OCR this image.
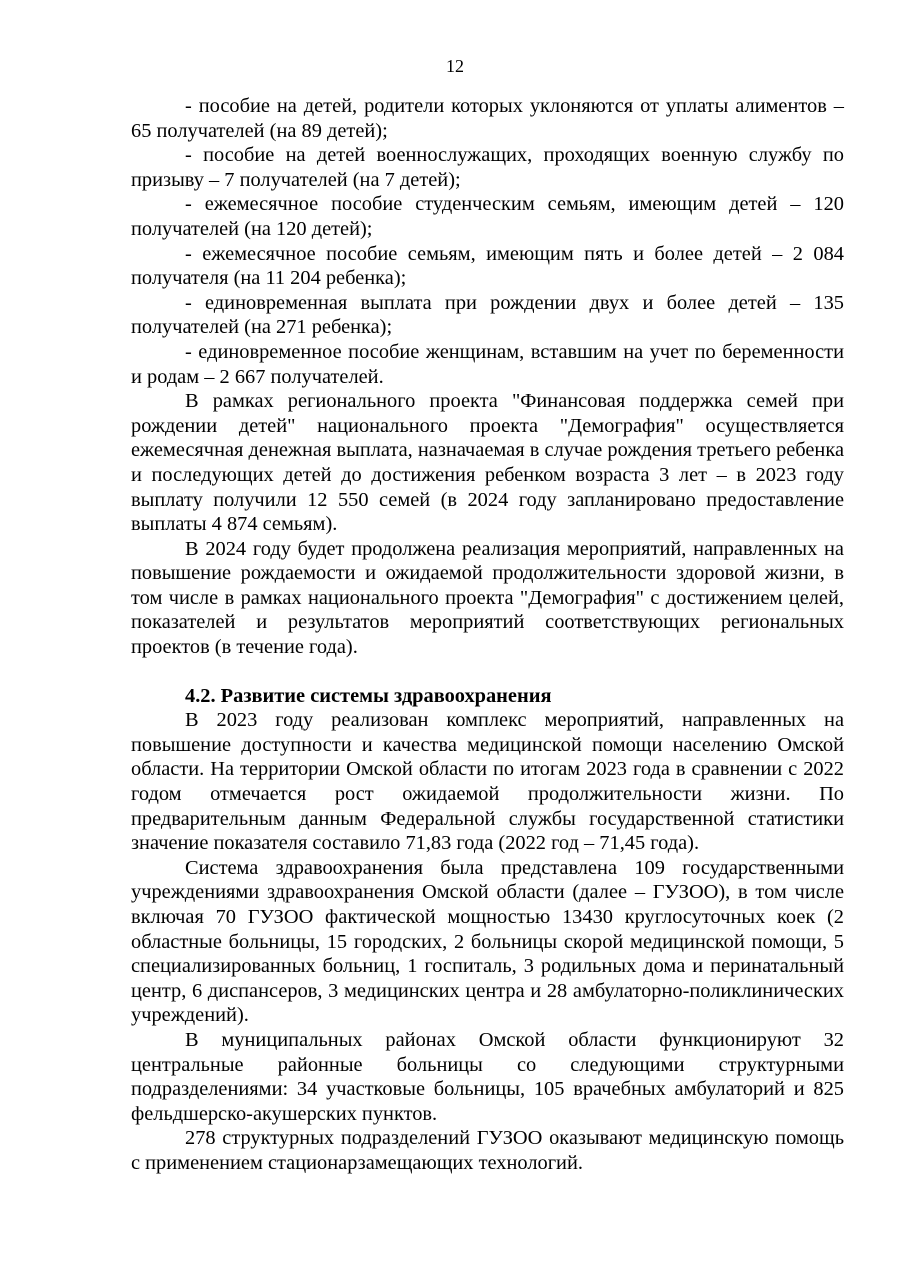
12

- пособие на детей, родители которых уклоняются от уплаты алиментов – 65 получателей (на 89 детей);

- пособие на детей военнослужащих, проходящих военную службу по призыву – 7 получателей (на 7 детей);

- ежемесячное пособие студенческим семьям, имеющим детей – 120 получателей (на 120 детей);

- ежемесячное пособие семьям, имеющим пять и более детей – 2 084 получателя (на 11 204 ребенка);

- единовременная выплата при рождении двух и более детей – 135 получателей (на 271 ребенка);

- единовременное пособие женщинам, вставшим на учет по беременности и родам – 2 667 получателей.

В рамках регионального проекта "Финансовая поддержка семей при рождении детей" национального проекта "Демография" осуществляется ежемесячная денежная выплата, назначаемая в случае рождения третьего ребенка и последующих детей до достижения ребенком возраста 3 лет – в 2023 году выплату получили 12 550 семей (в 2024 году запланировано предоставление выплаты 4 874 семьям).

В 2024 году будет продолжена реализация мероприятий, направленных на повышение рождаемости и ожидаемой продолжительности здоровой жизни, в том числе в рамках национального проекта "Демография" с достижением целей, показателей и результатов мероприятий соответствующих региональных проектов (в течение года).

4.2. Развитие системы здравоохранения

В 2023 году реализован комплекс мероприятий, направленных на повышение доступности и качества медицинской помощи населению Омской области. На территории Омской области по итогам 2023 года в сравнении с 2022 годом отмечается рост ожидаемой продолжительности жизни. По предварительным данным Федеральной службы государственной статистики значение показателя составило 71,83 года (2022 год – 71,45 года).

Система здравоохранения была представлена 109 государственными учреждениями здравоохранения Омской области (далее – ГУЗОО), в том числе включая 70 ГУЗОО фактической мощностью 13430 круглосуточных коек (2 областные больницы, 15 городских, 2 больницы скорой медицинской помощи, 5 специализированных больниц, 1 госпиталь, 3 родильных дома и перинатальный центр, 6 диспансеров, 3 медицинских центра и 28 амбулаторно-поликлинических учреждений).

В муниципальных районах Омской области функционируют 32 центральные районные больницы со следующими структурными подразделениями: 34 участковые больницы, 105 врачебных амбулаторий и 825 фельдшерско-акушерских пунктов.

278 структурных подразделений ГУЗОО оказывают медицинскую помощь с применением стационарзамещающих технологий.
